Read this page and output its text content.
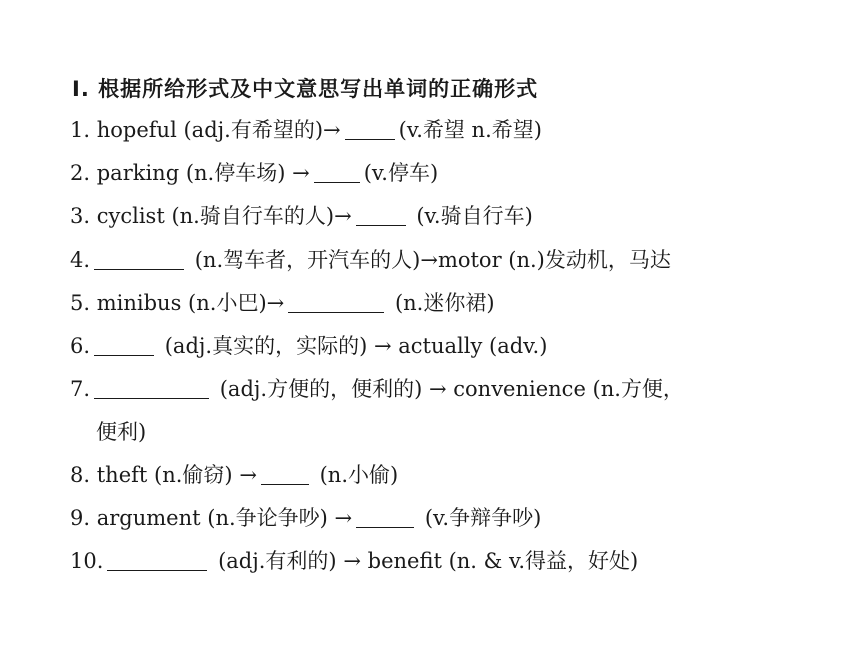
Ⅰ. 根据所给形式及中文意思写出单词的正确形式
1. hopeful (adj.有希望的)→	(v.希望 n.希望)
2. parking (n.停车场) →	(v.停车)
3. cyclist (n.骑自行车的人)→	(v.骑自行车)
4.	(n.驾车者，开汽车的人)→motor (n.)发动机，马达
5. minibus (n.小巴)→	(n.迷你裙)
6.	(adj.真实的，实际的) → actually (adv.)
7.	(adj.方便的，便利的) → convenience (n.方便，
便利)
8. theft (n.偷窃) →	(n.小偷)
9. argument (n.争论争吵) →	(v.争辩争吵)
10.	(adj.有利的) → benefit (n. & v.得益，好处)
